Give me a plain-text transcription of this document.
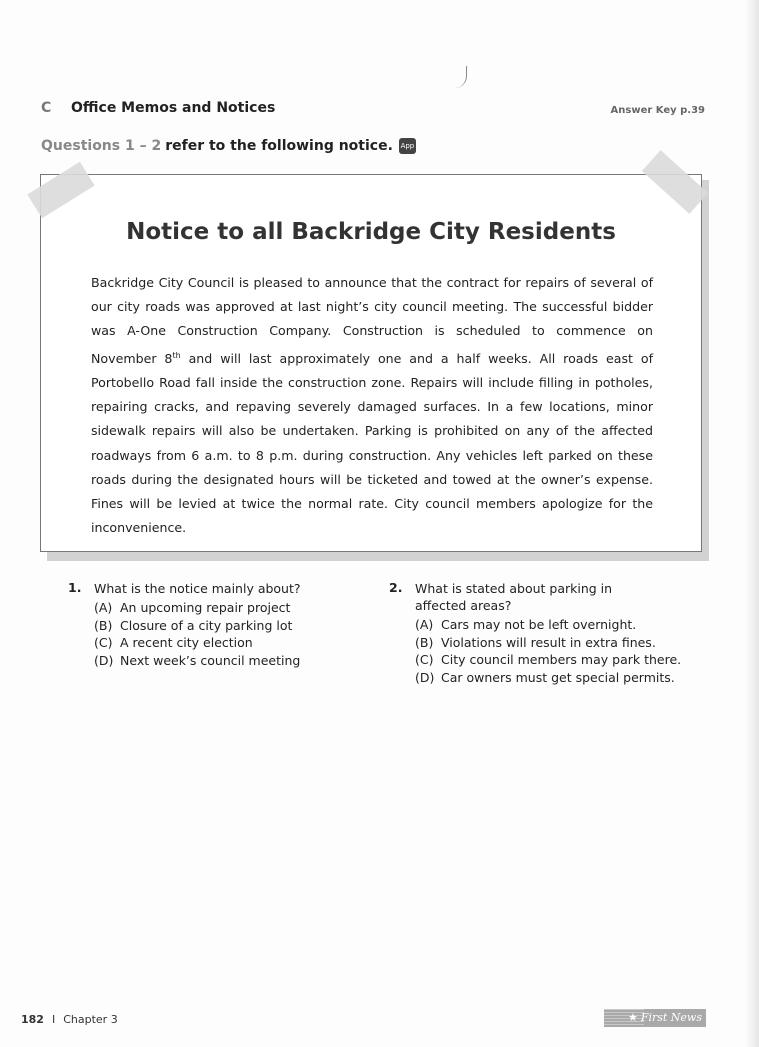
C Office Memos and Notices	Answer Key p.39
Questions 1 – 2 refer to the following notice. App
Notice to all Backridge City Residents
Backridge City Council is pleased to announce that the contract for repairs of several of our city roads was approved at last night’s city council meeting. The successful bidder was A-One Construction Company. Construction is scheduled to commence on November 8th and will last approximately one and a half weeks. All roads east of Portobello Road fall inside the construction zone. Repairs will include filling in potholes, repairing cracks, and repaving severely damaged surfaces. In a few locations, minor sidewalk repairs will also be undertaken. Parking is prohibited on any of the affected roadways from 6 a.m. to 8 p.m. during construction. Any vehicles left parked on these roads during the designated hours will be ticketed and towed at the owner’s expense. Fines will be levied at twice the normal rate. City council members apologize for the inconvenience.
1.	What is the notice mainly about?
(A) An upcoming repair project
(B) Closure of a city parking lot
(C) A recent city election
(D) Next week’s council meeting
2.	What is stated about parking in affected areas?
(A) Cars may not be left overnight.
(B) Violations will result in extra fines.
(C) City council members may park there.
(D) Car owners must get special permits.
182 I Chapter 3	★ First News
